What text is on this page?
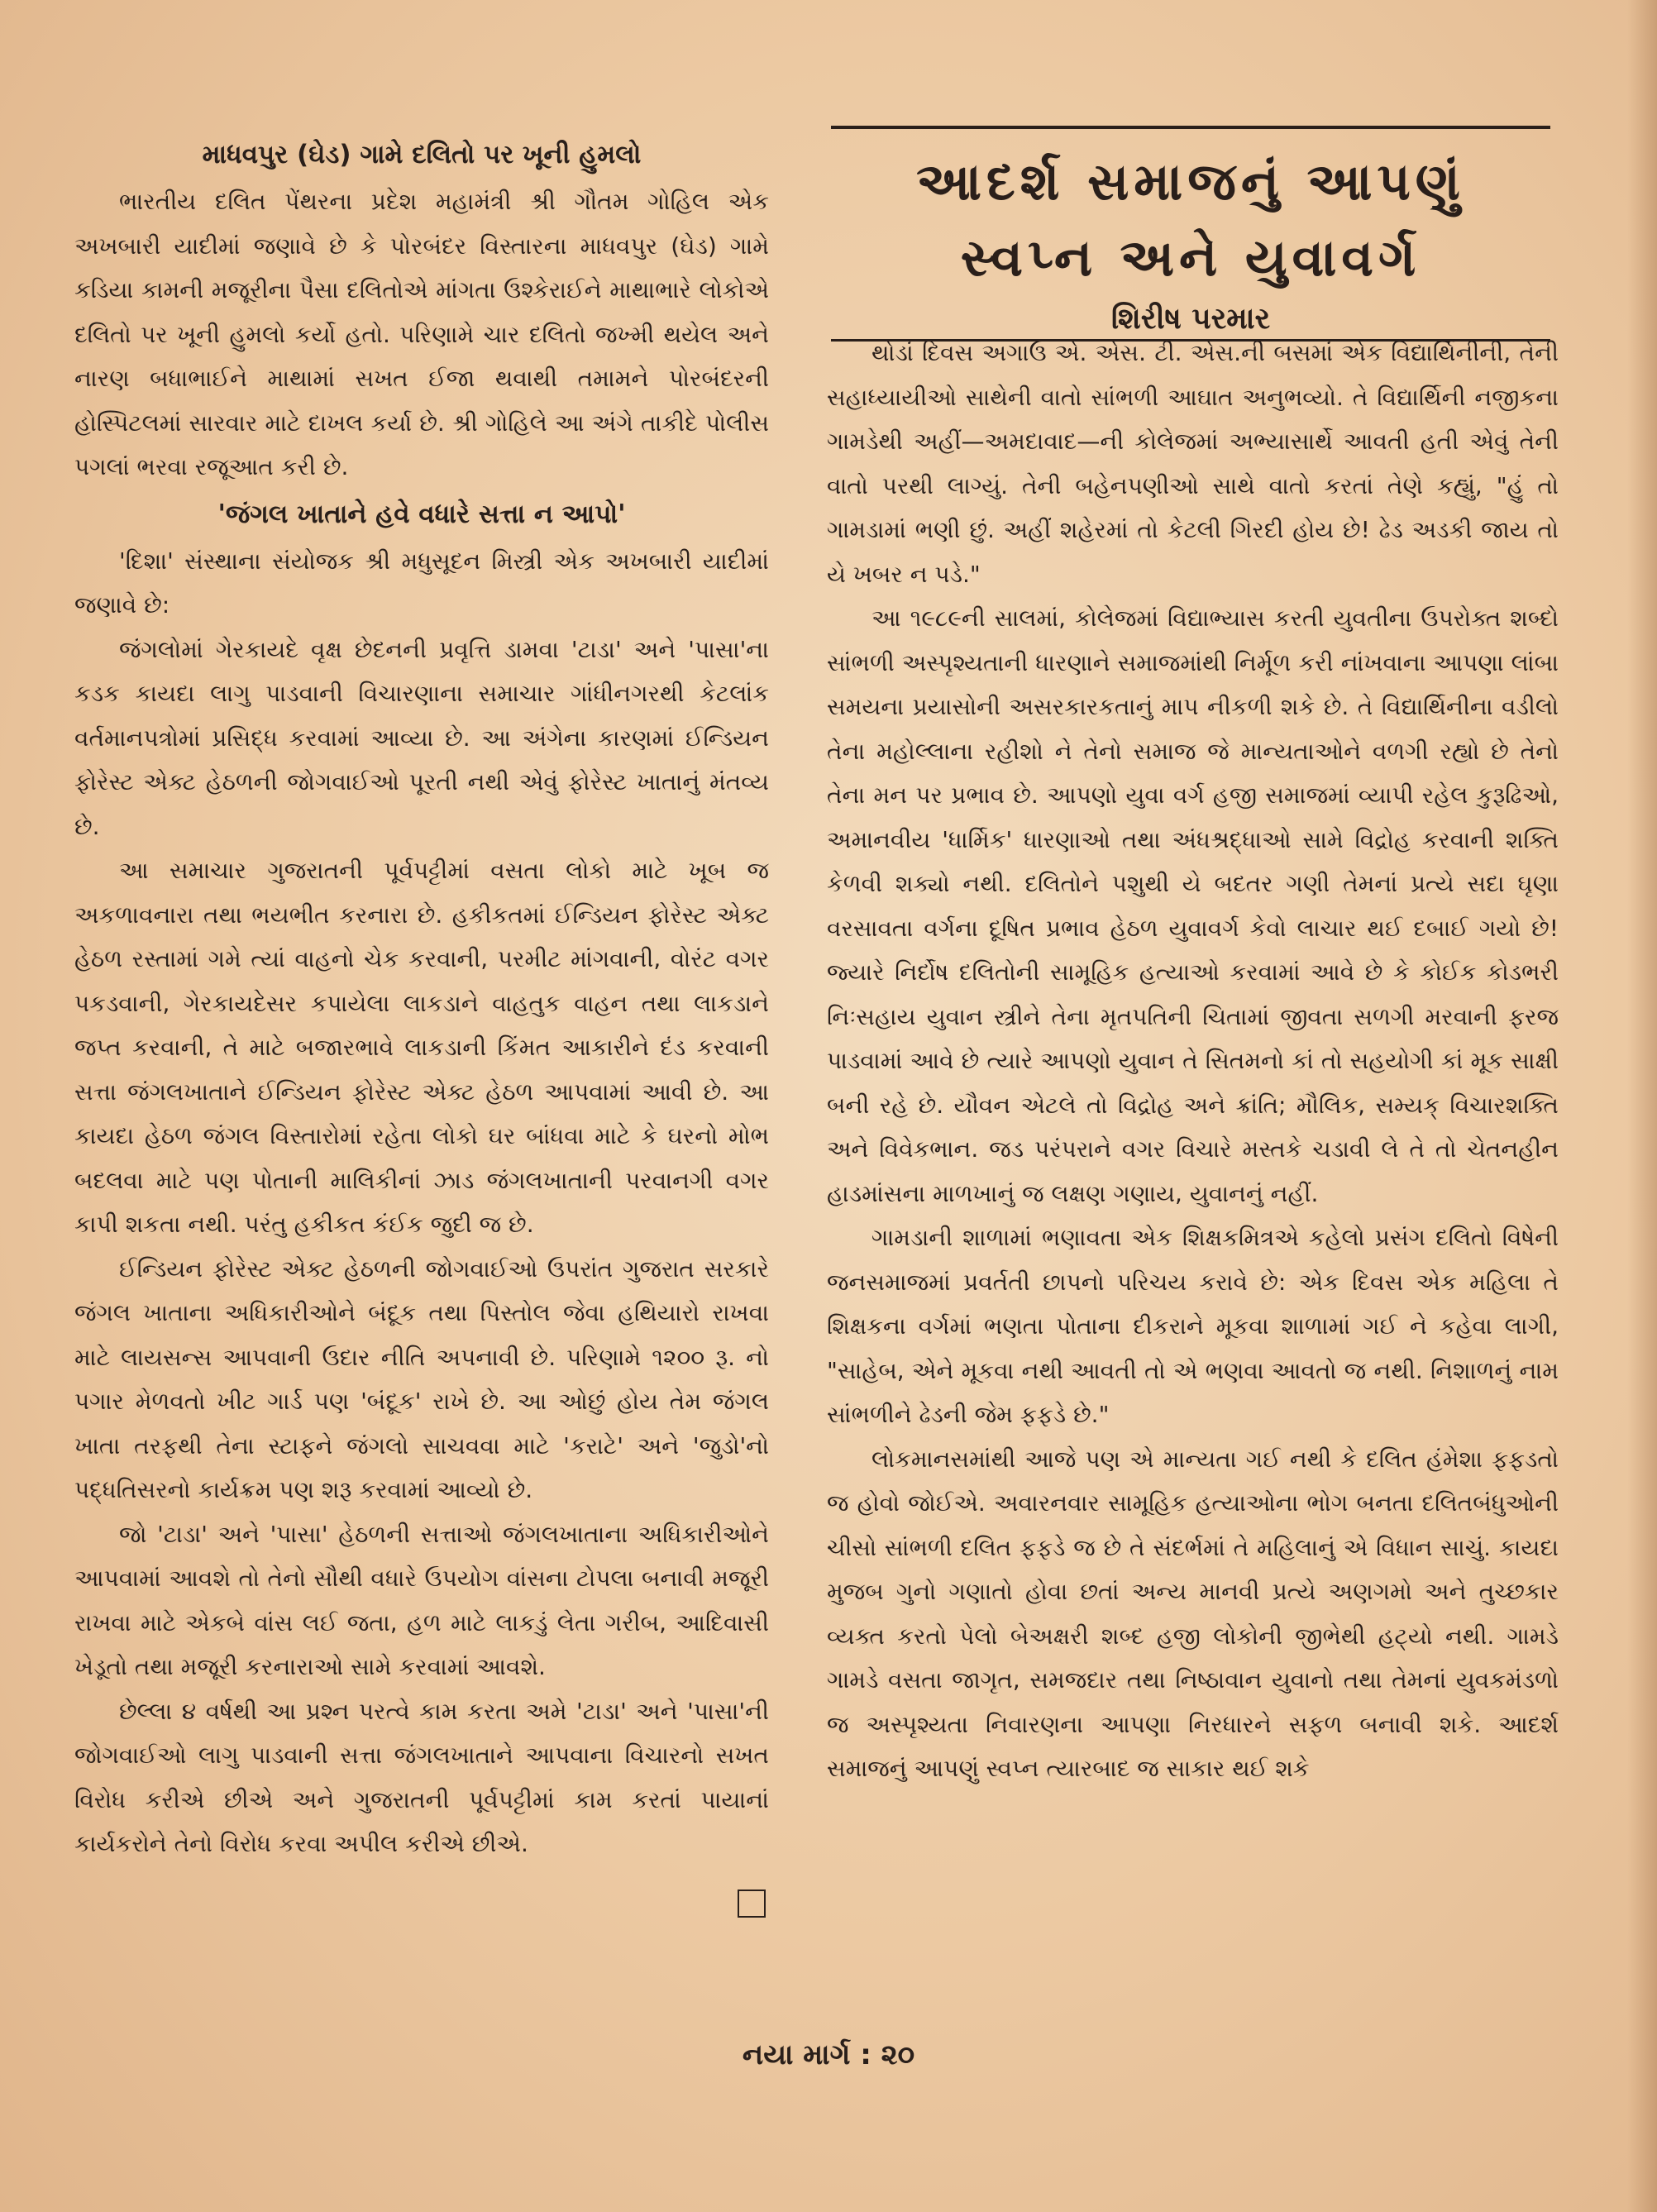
માધવપુર (ઘેડ) ગામે દલિતો પર ખૂની હુમલો

ભારતીય દલિત પેંથરના પ્રદેશ મહામંત્રી શ્રી ગૌતમ ગોહિલ એક અખબારી યાદીમાં જણાવે છે કે પોરબંદર વિસ્તારના માધવપુર (ઘેડ) ગામે કડિયા કામની મજૂરીના પૈસા દલિતોએ માંગતા ઉશ્કેરાઈને માથાભારે લોકોએ દલિતો પર ખૂની હુમલો કર્યો હતો. પરિણામે ચાર દલિતો જખ્મી થયેલ અને નારણ બધાભાઈને માથામાં સખત ઈજા થવાથી તમામને પોરબંદરની હોસ્પિટલમાં સારવાર માટે દાખલ કર્યા છે. શ્રી ગોહિલે આ અંગે તાકીદે પોલીસ પગલાં ભરવા રજૂઆત કરી છે.

'જંગલ ખાતાને હવે વધારે સત્તા ન આપો'

'દિશા' સંસ્થાના સંયોજક શ્રી મધુસૂદન મિસ્ત્રી એક અખબારી યાદીમાં જણાવે છે:

જંગલોમાં ગેરકાયદે વૃક્ષ છેદનની પ્રવૃત્તિ ડામવા 'ટાડા' અને 'પાસા'ના કડક કાયદા લાગુ પાડવાની વિચારણાના સમાચાર ગાંધીનગરથી કેટલાંક વર્તમાનપત્રોમાં પ્રસિદ્ધ કરવામાં આવ્યા છે. આ અંગેના કારણમાં ઈન્ડિયન ફોરેસ્ટ એક્ટ હેઠળની જોગવાઈઓ પૂરતી નથી એવું ફોરેસ્ટ ખાતાનું મંતવ્ય છે.

આ સમાચાર ગુજરાતની પૂર્વપટ્ટીમાં વસતા લોકો માટે ખૂબ જ અકળાવનારા તથા ભયભીત કરનારા છે. હકીકતમાં ઈન્ડિયન ફોરેસ્ટ એક્ટ હેઠળ રસ્તામાં ગમે ત્યાં વાહનો ચેક કરવાની, પરમીટ માંગવાની, વોરંટ વગર પકડવાની, ગેરકાયદેસર કપાયેલા લાકડાને વાહતુક વાહન તથા લાકડાને જપ્ત કરવાની, તે માટે બજારભાવે લાકડાની કિંમત આકારીને દંડ કરવાની સત્તા જંગલખાતાને ઈન્ડિયન ફોરેસ્ટ એક્ટ હેઠળ આપવામાં આવી છે. આ કાયદા હેઠળ જંગલ વિસ્તારોમાં રહેતા લોકો ઘર બાંધવા માટે કે ઘરનો મોભ બદલવા માટે પણ પોતાની માલિકીનાં ઝાડ જંગલખાતાની પરવાનગી વગર કાપી શકતા નથી. પરંતુ હકીકત કંઈક જુદી જ છે.

ઈન્ડિયન ફોરેસ્ટ એક્ટ હેઠળની જોગવાઈઓ ઉપરાંત ગુજરાત સરકારે જંગલ ખાતાના અધિકારીઓને બંદૂક તથા પિસ્તોલ જેવા હથિયારો રાખવા માટે લાયસન્સ આપવાની ઉદાર નીતિ અપનાવી છે. પરિણામે ૧૨૦૦ રૂ. નો પગાર મેળવતો ખીટ ગાર્ડ પણ 'બંદૂક' રાખે છે. આ ઓછું હોય તેમ જંગલ ખાતા તરફથી તેના સ્ટાફને જંગલો સાચવવા માટે 'કરાટે' અને 'જુડો'નો પદ્ધતિસરનો કાર્યક્રમ પણ શરૂ કરવામાં આવ્યો છે.

જો 'ટાડા' અને 'પાસા' હેઠળની સત્તાઓ જંગલખાતાના અધિકારીઓને આપવામાં આવશે તો તેનો સૌથી વધારે ઉપયોગ વાંસના ટોપલા બનાવી મજૂરી રાખવા માટે એકબે વાંસ લઈ જતા, હળ માટે લાકડું લેતા ગરીબ, આદિવાસી ખેડૂતો તથા મજૂરી કરનારાઓ સામે કરવામાં આવશે.

છેલ્લા ૪ વર્ષથી આ પ્રશ્ન પરત્વે કામ કરતા અમે 'ટાડા' અને 'પાસા'ની જોગવાઈઓ લાગુ પાડવાની સત્તા જંગલખાતાને આપવાના વિચારનો સખત વિરોધ કરીએ છીએ અને ગુજરાતની પૂર્વપટ્ટીમાં કામ કરતાં પાયાનાં કાર્યકરોને તેનો વિરોધ કરવા અપીલ કરીએ છીએ.

આદર્શ સમાજનું આપણું
સ્વપ્ન અને યુવાવર્ગ

શિરીષ પરમાર

થોડાં દિવસ અગાઉ એ. એસ. ટી. એસ.ની બસમાં એક વિદ્યાર્થિનીની, તેની સહાધ્યાયીઓ સાથેની વાતો સાંભળી આઘાત અનુભવ્યો. તે વિદ્યાર્થિની નજીકના ગામડેથી અહીં—અમદાવાદ—ની કોલેજમાં અભ્યાસાર્થે આવતી હતી એવું તેની વાતો પરથી લાગ્યું. તેની બહેનપણીઓ સાથે વાતો કરતાં તેણે કહ્યું, "હું તો ગામડામાં ભણી છું. અહીં શહેરમાં તો કેટલી ગિરદી હોય છે! ઢેડ અડકી જાય તો યે ખબર ન પડે."

આ ૧૯૮૯ની સાલમાં, કોલેજમાં વિદ્યાભ્યાસ કરતી યુવતીના ઉપરોક્ત શબ્દો સાંભળી અસ્પૃશ્યતાની ધારણાને સમાજમાંથી નિર્મૂળ કરી નાંખવાના આપણા લાંબા સમયના પ્રયાસોની અસરકારકતાનું માપ નીકળી શકે છે. તે વિદ્યાર્થિનીના વડીલો તેના મહોલ્લાના રહીશો ને તેનો સમાજ જે માન્યતાઓને વળગી રહ્યો છે તેનો તેના મન પર પ્રભાવ છે. આપણો યુવા વર્ગ હજી સમાજમાં વ્યાપી રહેલ કુરૂઢિઓ, અમાનવીય 'ધાર્મિક' ધારણાઓ તથા અંધશ્રદ્ધાઓ સામે વિદ્રોહ કરવાની શક્તિ કેળવી શક્યો નથી. દલિતોને પશુથી યે બદતર ગણી તેમનાં પ્રત્યે સદા ઘૃણા વરસાવતા વર્ગના દૂષિત પ્રભાવ હેઠળ યુવાવર્ગ કેવો લાચાર થઈ દબાઈ ગયો છે! જ્યારે નિર્દોષ દલિતોની સામૂહિક હત્યાઓ કરવામાં આવે છે કે કોઈક કોડભરી નિઃસહાય યુવાન સ્ત્રીને તેના મૃતપતિની ચિતામાં જીવતા સળગી મરવાની ફરજ પાડવામાં આવે છે ત્યારે આપણો યુવાન તે સિતમનો કાં તો સહયોગી કાં મૂક સાક્ષી બની રહે છે. યૌવન એટલે તો વિદ્રોહ અને ક્રાંતિ; મૌલિક, સમ્યક્ વિચારશક્તિ અને વિવેકભાન. જડ પરંપરાને વગર વિચારે મસ્તકે ચડાવી લે તે તો ચેતનહીન હાડમાંસના માળખાનું જ લક્ષણ ગણાય, યુવાનનું નહીં.

ગામડાની શાળામાં ભણાવતા એક શિક્ષકમિત્રએ કહેલો પ્રસંગ દલિતો વિષેની જનસમાજમાં પ્રવર્તતી છાપનો પરિચય કરાવે છે: એક દિવસ એક મહિલા તે શિક્ષકના વર્ગમાં ભણતા પોતાના દીકરાને મૂકવા શાળામાં ગઈ ને કહેવા લાગી, "સાહેબ, એને મૂકવા નથી આવતી તો એ ભણવા આવતો જ નથી. નિશાળનું નામ સાંભળીને ઢેડની જેમ ફફડે છે."

લોકમાનસમાંથી આજે પણ એ માન્યતા ગઈ નથી કે દલિત હંમેશા ફફડતો જ હોવો જોઈએ. અવારનવાર સામૂહિક હત્યાઓના ભોગ બનતા દલિતબંધુઓની ચીસો સાંભળી દલિત ફફડે જ છે તે સંદર્ભમાં તે મહિલાનું એ વિધાન સાચું. કાયદા મુજબ ગુનો ગણાતો હોવા છતાં અન્ય માનવી પ્રત્યે અણગમો અને તુચ્છકાર વ્યક્ત કરતો પેલો બેઅક્ષરી શબ્દ હજી લોકોની જીભેથી હટ્યો નથી. ગામડે ગામડે વસતા જાગૃત, સમજદાર તથા નિષ્ઠાવાન યુવાનો તથા તેમનાં યુવકમંડળો જ અસ્પૃશ્યતા નિવારણના આપણા નિરધારને સફળ બનાવી શકે. આદર્શ સમાજનું આપણું સ્વપ્ન ત્યારબાદ જ સાકાર થઈ શકે

નયા માર્ગ : ૨૦
